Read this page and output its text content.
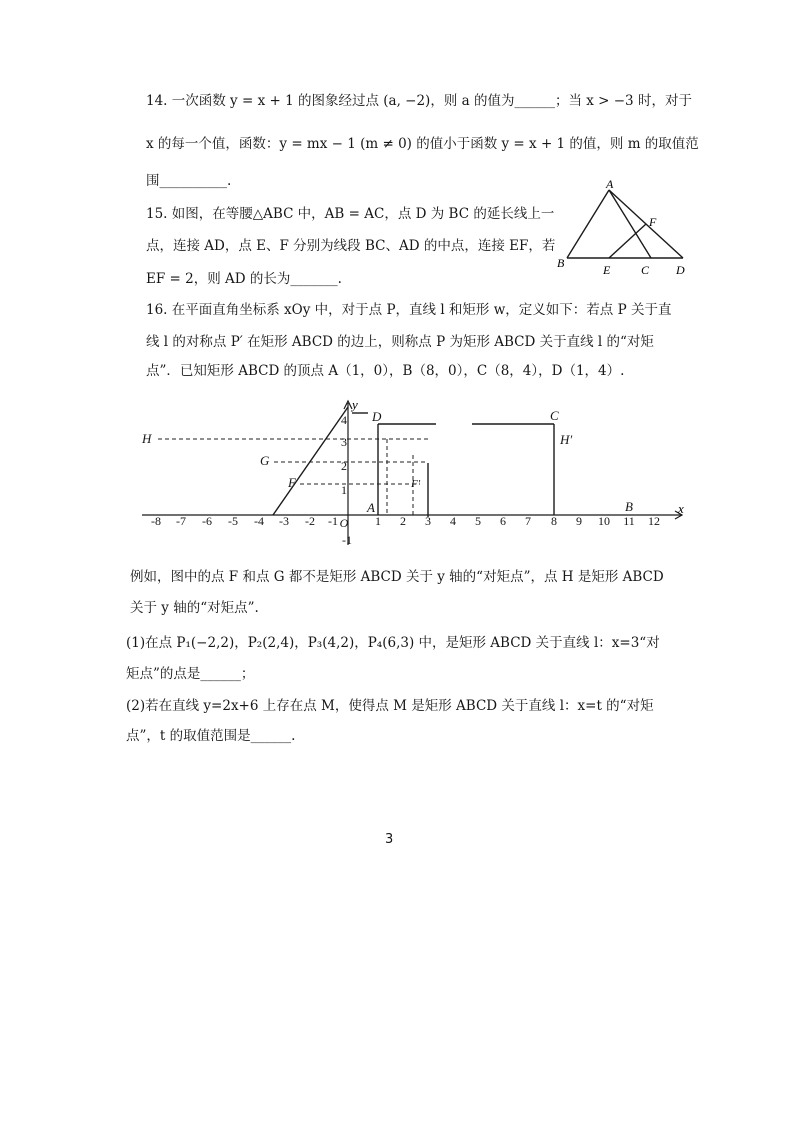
14. 一次函数 y = x + 1 的图象经过点 (a, −2)，则 a 的值为______；当 x > −3 时，对于
x 的每一个值，函数：y = mx − 1 (m ≠ 0) 的值小于函数 y = x + 1 的值，则 m 的取值范
围__________.
15. 如图，在等腰△ABC 中，AB = AC，点 D 为 BC 的延长线上一
点，连接 AD，点 E、F 分别为线段 BC、AD 的中点，连接 EF，若
EF = 2，则 AD 的长为_______.
A
B	E	C D
F
16. 在平面直角坐标系 xOy 中，对于点 P，直线 l 和矩形 w，定义如下：若点 P 关于直
线 l 的对称点 P′ 在矩形 ABCD 的边上，则称点 P 为矩形 ABCD 关于直线 l 的“对矩
点”．已知矩形 ABCD 的顶点 A（1，0），B（8，0），C（8，4），D（1，4）.
-8 -7 -6 -5 -4 -3 -2 -1 O 1 2 3 4 5 6 7 8 9 10 11 12
4
3
2
1
-1
x
y
H
G
F	F′
D	C
H′
A	B
例如，图中的点 F 和点 G 都不是矩形 ABCD 关于 y 轴的“对矩点”，点 H 是矩形 ABCD
关于 y 轴的“对矩点”.
(1)在点 P₁(−2,2)，P₂(2,4)，P₃(4,2)，P₄(6,3) 中，是矩形 ABCD 关于直线 l：x=3“对
矩点”的点是______；
(2)若在直线 y=2x+6 上存在点 M，使得点 M 是矩形 ABCD 关于直线 l：x=t 的“对矩
点”，t 的取值范围是______.
3
